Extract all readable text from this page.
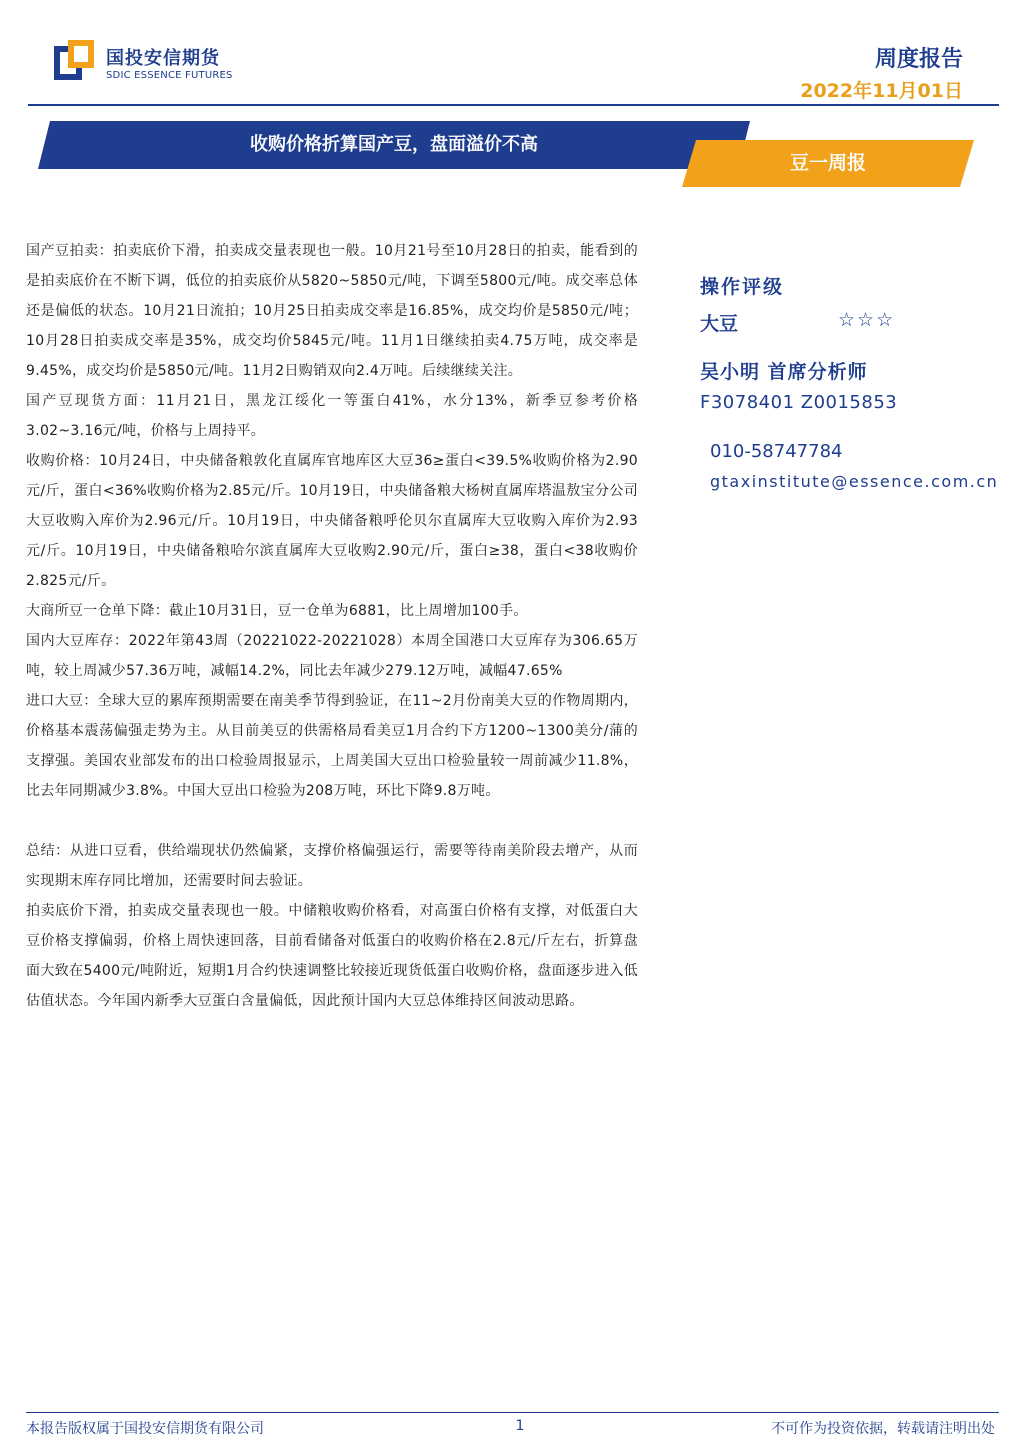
国投安信期货
SDIC ESSENCE FUTURES
周度报告
2022年11月01日
收购价格折算国产豆，盘面溢价不高
豆一周报

国产豆拍卖：拍卖底价下滑，拍卖成交量表现也一般。10月21号至10月28日的拍卖，能看到的是拍卖底价在不断下调，低位的拍卖底价从5820~5850元/吨，下调至5800元/吨。成交率总体还是偏低的状态。10月21日流拍；10月25日拍卖成交率是16.85%，成交均价是5850元/吨；10月28日拍卖成交率是35%，成交均价5845元/吨。11月1日继续拍卖4.75万吨，成交率是9.45%，成交均价是5850元/吨。11月2日购销双向2.4万吨。后续继续关注。

国产豆现货方面：11月21日，黑龙江绥化一等蛋白41%，水分13%，新季豆参考价格3.02~3.16元/吨，价格与上周持平。

收购价格：10月24日，中央储备粮敦化直属库官地库区大豆36≥蛋白<39.5%收购价格为2.90元/斤，蛋白<36%收购价格为2.85元/斤。10月19日，中央储备粮大杨树直属库塔温敖宝分公司大豆收购入库价为2.96元/斤。10月19日，中央储备粮呼伦贝尔直属库大豆收购入库价为2.93元/斤。10月19日，中央储备粮哈尔滨直属库大豆收购2.90元/斤，蛋白≥38，蛋白<38收购价2.825元/斤。

大商所豆一仓单下降：截止10月31日，豆一仓单为6881，比上周增加100手。

国内大豆库存：2022年第43周（20221022-20221028）本周全国港口大豆库存为306.65万吨，较上周减少57.36万吨，减幅14.2%，同比去年减少279.12万吨，减幅47.65%

进口大豆：全球大豆的累库预期需要在南美季节得到验证，在11~2月份南美大豆的作物周期内，价格基本震荡偏强走势为主。从目前美豆的供需格局看美豆1月合约下方1200~1300美分/蒲的支撑强。美国农业部发布的出口检验周报显示，上周美国大豆出口检验量较一周前减少11.8%，比去年同期减少3.8%。中国大豆出口检验为208万吨，环比下降9.8万吨。

总结：从进口豆看，供给端现状仍然偏紧，支撑价格偏强运行，需要等待南美阶段去增产，从而实现期末库存同比增加，还需要时间去验证。

拍卖底价下滑，拍卖成交量表现也一般。中储粮收购价格看，对高蛋白价格有支撑，对低蛋白大豆价格支撑偏弱，价格上周快速回落，目前看储备对低蛋白的收购价格在2.8元/斤左右，折算盘面大致在5400元/吨附近，短期1月合约快速调整比较接近现货低蛋白收购价格，盘面逐步进入低估值状态。今年国内新季大豆蛋白含量偏低，因此预计国内大豆总体维持区间波动思路。

操作评级
大豆	☆☆☆
吴小明 首席分析师
F3078401 Z0015853
010-58747784
gtaxinstitute@essence.com.cn
本报告版权属于国投安信期货有限公司	1	不可作为投资依据，转载请注明出处
